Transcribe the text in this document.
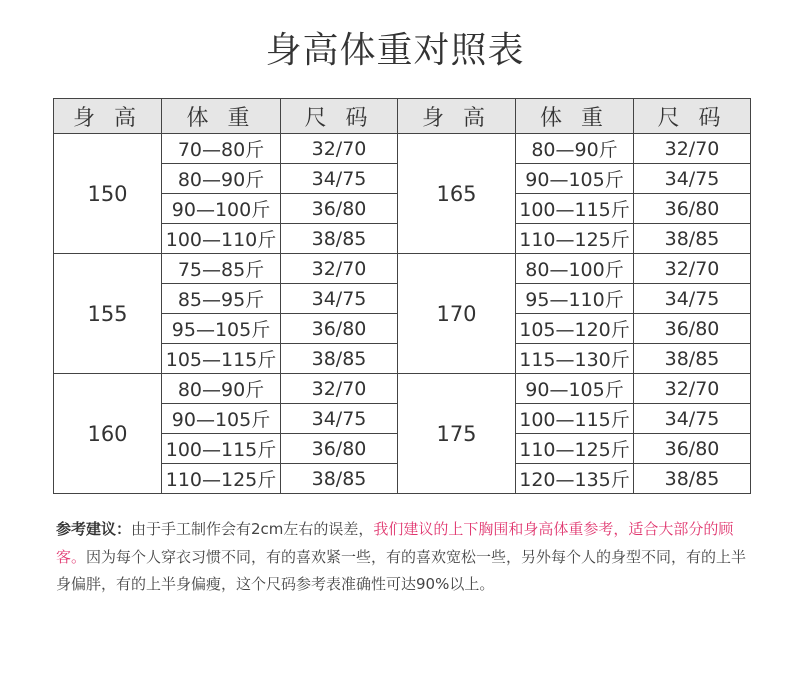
身高体重对照表
身 高	体 重	尺 码	身 高	体 重	尺 码
150	70—80斤	32/70	165	80—90斤	32/70
	80—90斤	34/75		90—105斤	34/75
	90—100斤	36/80		100—115斤	36/80
	100—110斤	38/85		110—125斤	38/85
155	75—85斤	32/70	170	80—100斤	32/70
	85—95斤	34/75		95—110斤	34/75
	95—105斤	36/80		105—120斤	36/80
	105—115斤	38/85		115—130斤	38/85
160	80—90斤	32/70	175	90—105斤	32/70
	90—105斤	34/75		100—115斤	34/75
	100—115斤	36/80		110—125斤	36/80
	110—125斤	38/85		120—135斤	38/85

参考建议：由于手工制作会有2cm左右的误差，我们建议的上下胸围和身高体重参考，适合大部分的顾客。因为每个人穿衣习惯不同，有的喜欢紧一些，有的喜欢宽松一些，另外每个人的身型不同，有的上半身偏胖，有的上半身偏瘦，这个尺码参考表准确性可达90%以上。
